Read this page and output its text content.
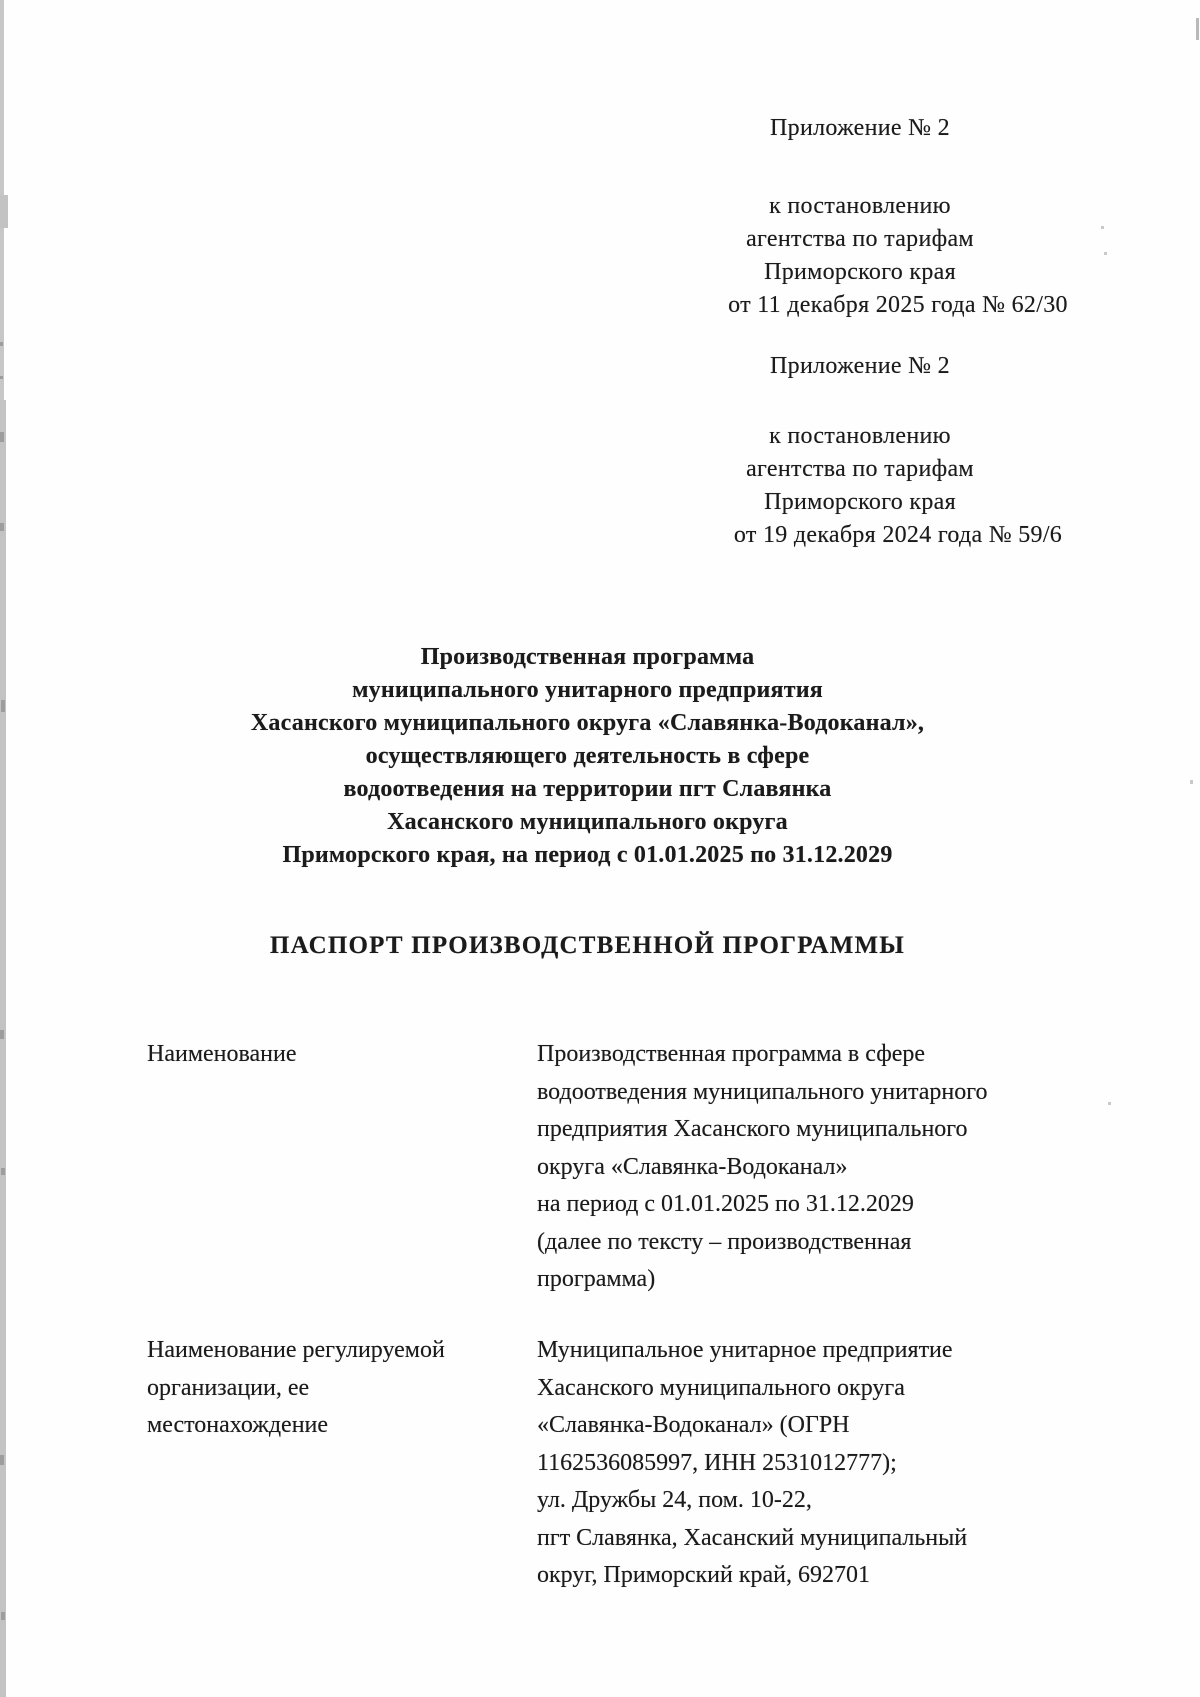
Приложение № 2
к постановлению
агентства по тарифам
Приморского края
от 11 декабря 2025 года № 62/30
Приложение № 2
к постановлению
агентства по тарифам
Приморского края
от 19 декабря 2024 года № 59/6
Производственная программа
муниципального унитарного предприятия
Хасанского муниципального округа «Славянка-Водоканал»,
осуществляющего деятельность в сфере
водоотведения на территории пгт Славянка
Хасанского муниципального округа
Приморского края, на период с 01.01.2025 по 31.12.2029
ПАСПОРТ ПРОИЗВОДСТВЕННОЙ ПРОГРАММЫ
Наименование	Производственная программа в сфере
водоотведения муниципального унитарного
предприятия Хасанского муниципального
округа «Славянка-Водоканал»
на период с 01.01.2025 по 31.12.2029
(далее по тексту – производственная
программа)
Наименование регулируемой
организации, ее
местонахождение
Муниципальное унитарное предприятие
Хасанского муниципального округа
«Славянка-Водоканал» (ОГРН
1162536085997, ИНН 2531012777);
ул. Дружбы 24, пом. 10-22,
пгт Славянка, Хасанский муниципальный
округ, Приморский край, 692701
